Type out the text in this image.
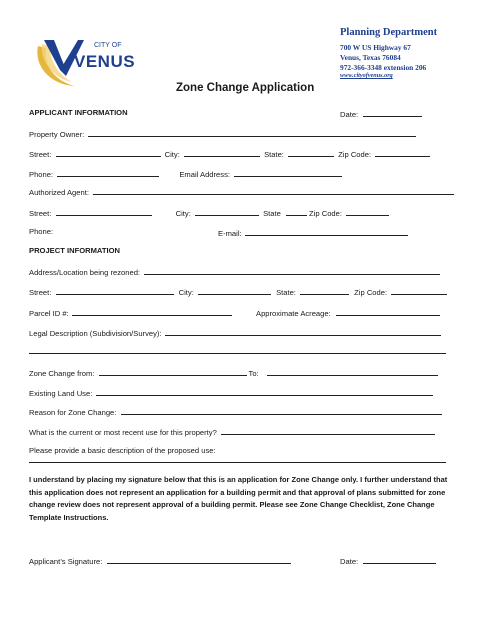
CITY OF
VENUS
Planning Department
700 W US Highway 67
Venus, Texas 76084
972-366-3348 extension 206
www.cityofvenus.org
Zone Change Application
APPLICANT INFORMATION	Date:
Property Owner:
Street:	City:	State:	Zip Code:
Phone:	Email Address:
Authorized Agent:
Street:	City:	State	Zip Code:
Phone:	E-mail:
PROJECT INFORMATION
Address/Location being rezoned:
Street:	City:	State:	Zip Code:
Parcel ID #:	Approximate Acreage:
Legal Description (Subdivision/Survey):
Zone Change from:	To:
Existing Land Use:
Reason for Zone Change:
What is the current or most recent use for this property?
Please provide a basic description of the proposed use:
I understand by placing my signature below that this is an application for Zone Change only. I further understand that this application does not represent an application for a building permit and that approval of plans submitted for zone change review does not represent approval of a building permit. Please see Zone Change Checklist, Zone Change Template Instructions.
Applicant’s Signature:	Date:
